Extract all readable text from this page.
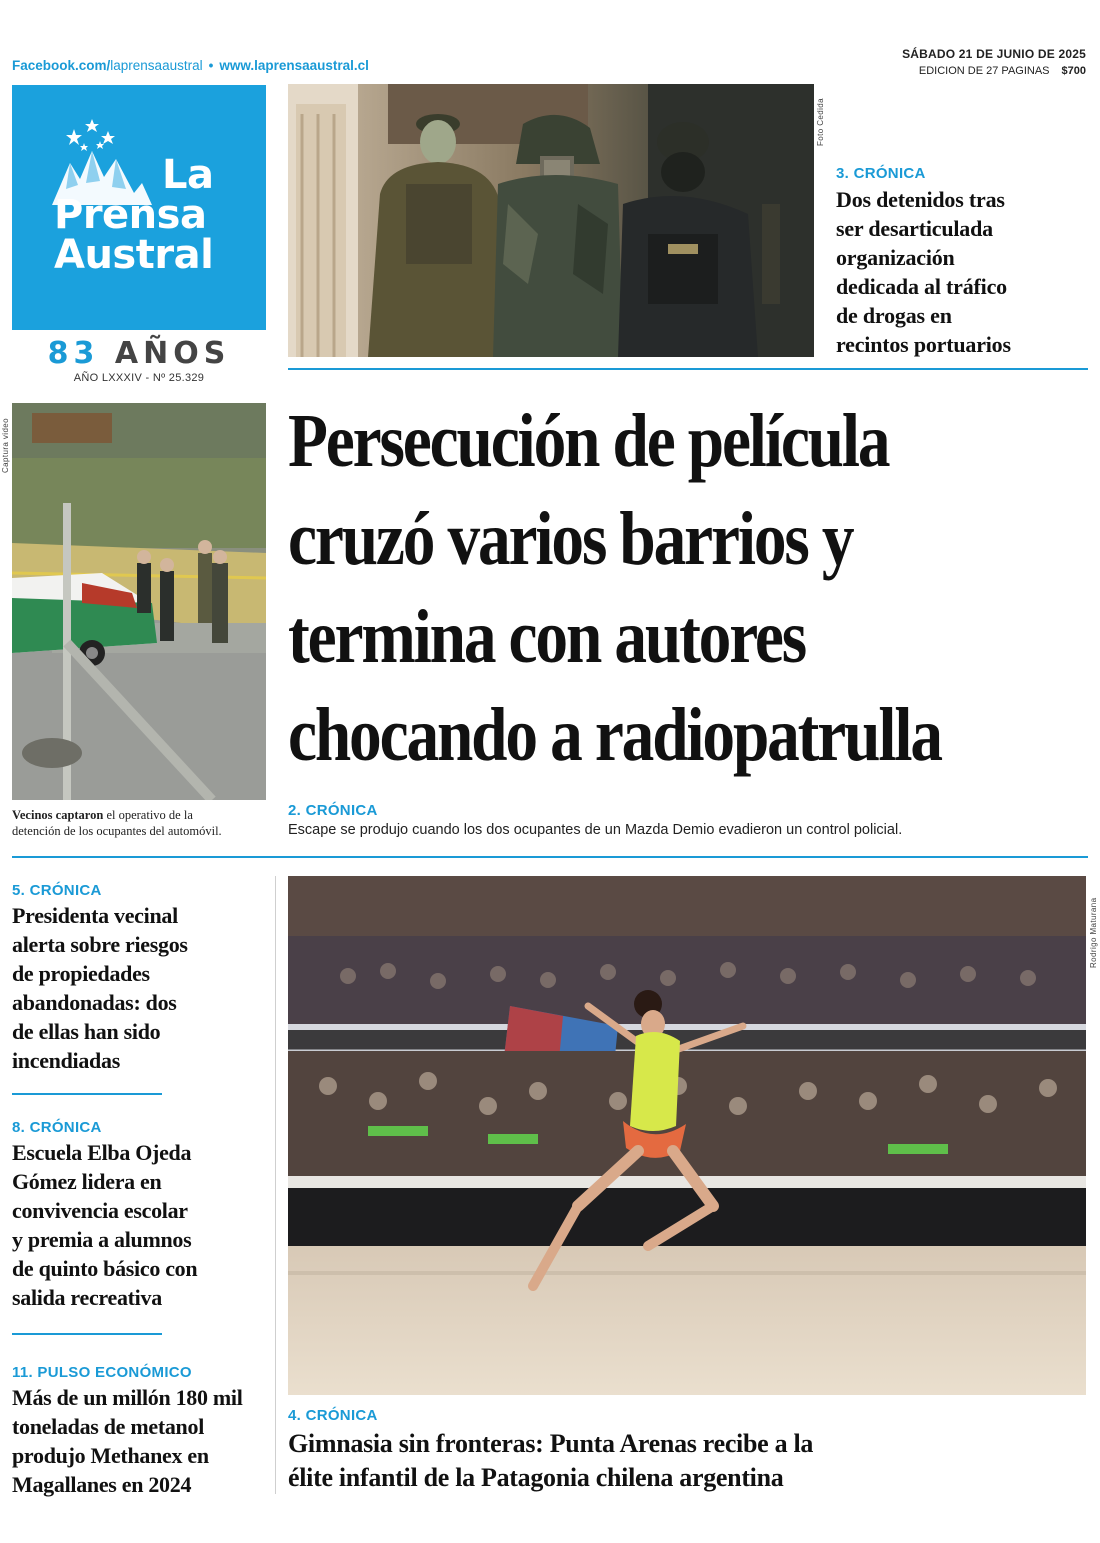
Facebook.com/laprensaaustral • www.laprensaaustral.cl
SÁBADO 21 DE JUNIO DE 2025
EDICION DE 27 PAGINAS $700
La
Prensa
Austral
83 AÑOS
AÑO LXXXIV - Nº 25.329
Foto Cedida
3. CRÓNICA
Dos detenidos tras
ser desarticulada
organización
dedicada al tráfico
de drogas en
recintos portuarios
Captura video
Vecinos captaron el operativo de la
detención de los ocupantes del automóvil.
Persecución de película
cruzó varios barrios y
termina con autores
chocando a radiopatrulla
2. CRÓNICA
Escape se produjo cuando los dos ocupantes de un Mazda Demio evadieron un control policial.
5. CRÓNICA
Presidenta vecinal
alerta sobre riesgos
de propiedades
abandonadas: dos
de ellas han sido
incendiadas
8. CRÓNICA
Escuela Elba Ojeda
Gómez lidera en
convivencia escolar
y premia a alumnos
de quinto básico con
salida recreativa
11. PULSO ECONÓMICO
Más de un millón 180 mil
toneladas de metanol
produjo Methanex en
Magallanes en 2024
Rodrigo Maturana
4. CRÓNICA
Gimnasia sin fronteras: Punta Arenas recibe a la
élite infantil de la Patagonia chilena argentina
